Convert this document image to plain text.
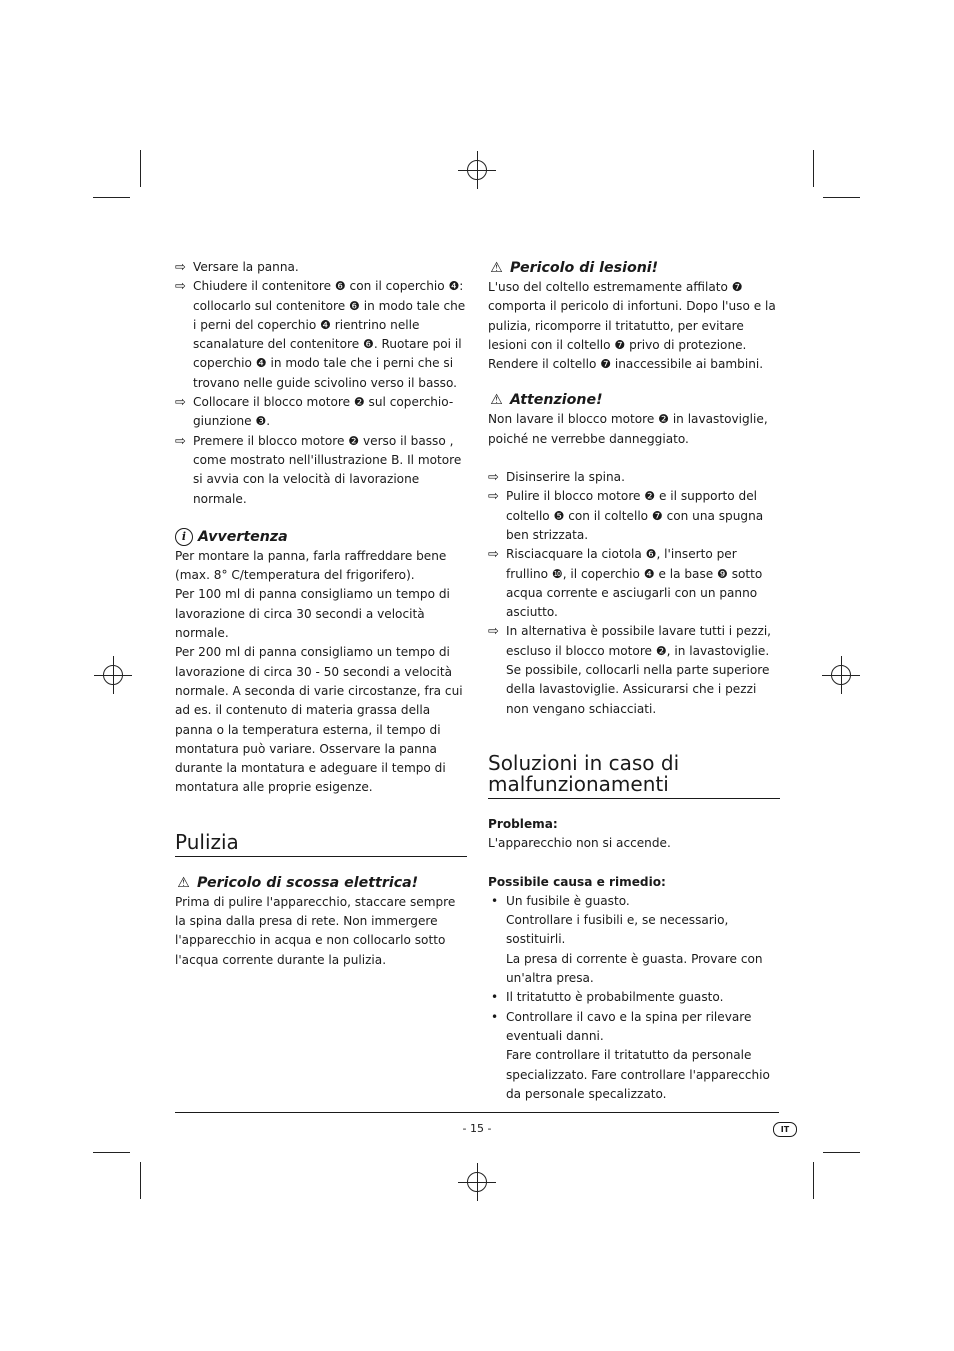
⇨ Versare la panna.
⇨ Chiudere il contenitore ❻ con il coperchio ❹: collocarlo sul contenitore ❻ in modo tale che i perni del coperchio ❹ rientrino nelle scanalature del contenitore ❻. Ruotare poi il coperchio ❹ in modo tale che i perni che si trovano nelle guide scivolino verso il basso.
⇨ Collocare il blocco motore ❷ sul coperchio-giunzione ❸.
⇨ Premere il blocco motore ❷ verso il basso , come mostrato nell'illustrazione B. Il motore si avvia con la velocità di lavorazione normale.
i Avvertenza

Per montare la panna, farla raffreddare bene (max. 8° C/temperatura del frigorifero).

Per 100 ml di panna consigliamo un tempo di lavorazione di circa 30 secondi a velocità normale.

Per 200 ml di panna consigliamo un tempo di lavorazione di circa 30 - 50 secondi a velocità normale. A seconda di varie circostanze, fra cui ad es. il contenuto di materia grassa della panna o la temperatura esterna, il tempo di montatura può variare. Osservare la panna durante la montatura e adeguare il tempo di montatura alle proprie esigenze.

Pulizia
⚠ Pericolo di scossa elettrica!

Prima di pulire l'apparecchio, staccare sempre la spina dalla presa di rete. Non immergere l'apparecchio in acqua e non collocarlo sotto l'acqua corrente durante la pulizia.

⚠ Pericolo di lesioni!

L'uso del coltello estremamente affilato ❼ comporta il pericolo di infortuni. Dopo l'uso e la pulizia, ricomporre il tritatutto, per evitare lesioni con il coltello ❼ privo di protezione. Rendere il coltello ❼ inaccessibile ai bambini.

⚠ Attenzione!

Non lavare il blocco motore ❷ in lavastoviglie, poiché ne verrebbe danneggiato.

⇨ Disinserire la spina.
⇨ Pulire il blocco motore ❷ e il supporto del coltello ❺ con il coltello ❼ con una spugna ben strizzata.
⇨ Risciacquare la ciotola ❻, l'inserto per frullino ❿, il coperchio ❹ e la base ❾ sotto acqua corrente e asciugarli con un panno asciutto.
⇨ In alternativa è possibile lavare tutti i pezzi, escluso il blocco motore ❷, in lavastoviglie. Se possibile, collocarli nella parte superiore della lavastoviglie. Assicurarsi che i pezzi non vengano schiacciati.
Soluzioni in caso di malfunzionamenti
Problema:
L'apparecchio non si accende.
Possibile causa e rimedio:
• Un fusibile è guasto.
Controllare i fusibili e, se necessario, sostituirli.
La presa di corrente è guasta. Provare con un'altra presa.
• Il tritatutto è probabilmente guasto.
• Controllare il cavo e la spina per rilevare eventuali danni.
Fare controllare il tritatutto da personale specializzato. Fare controllare l'apparecchio da personale specalizzato.
- 15 -	IT
